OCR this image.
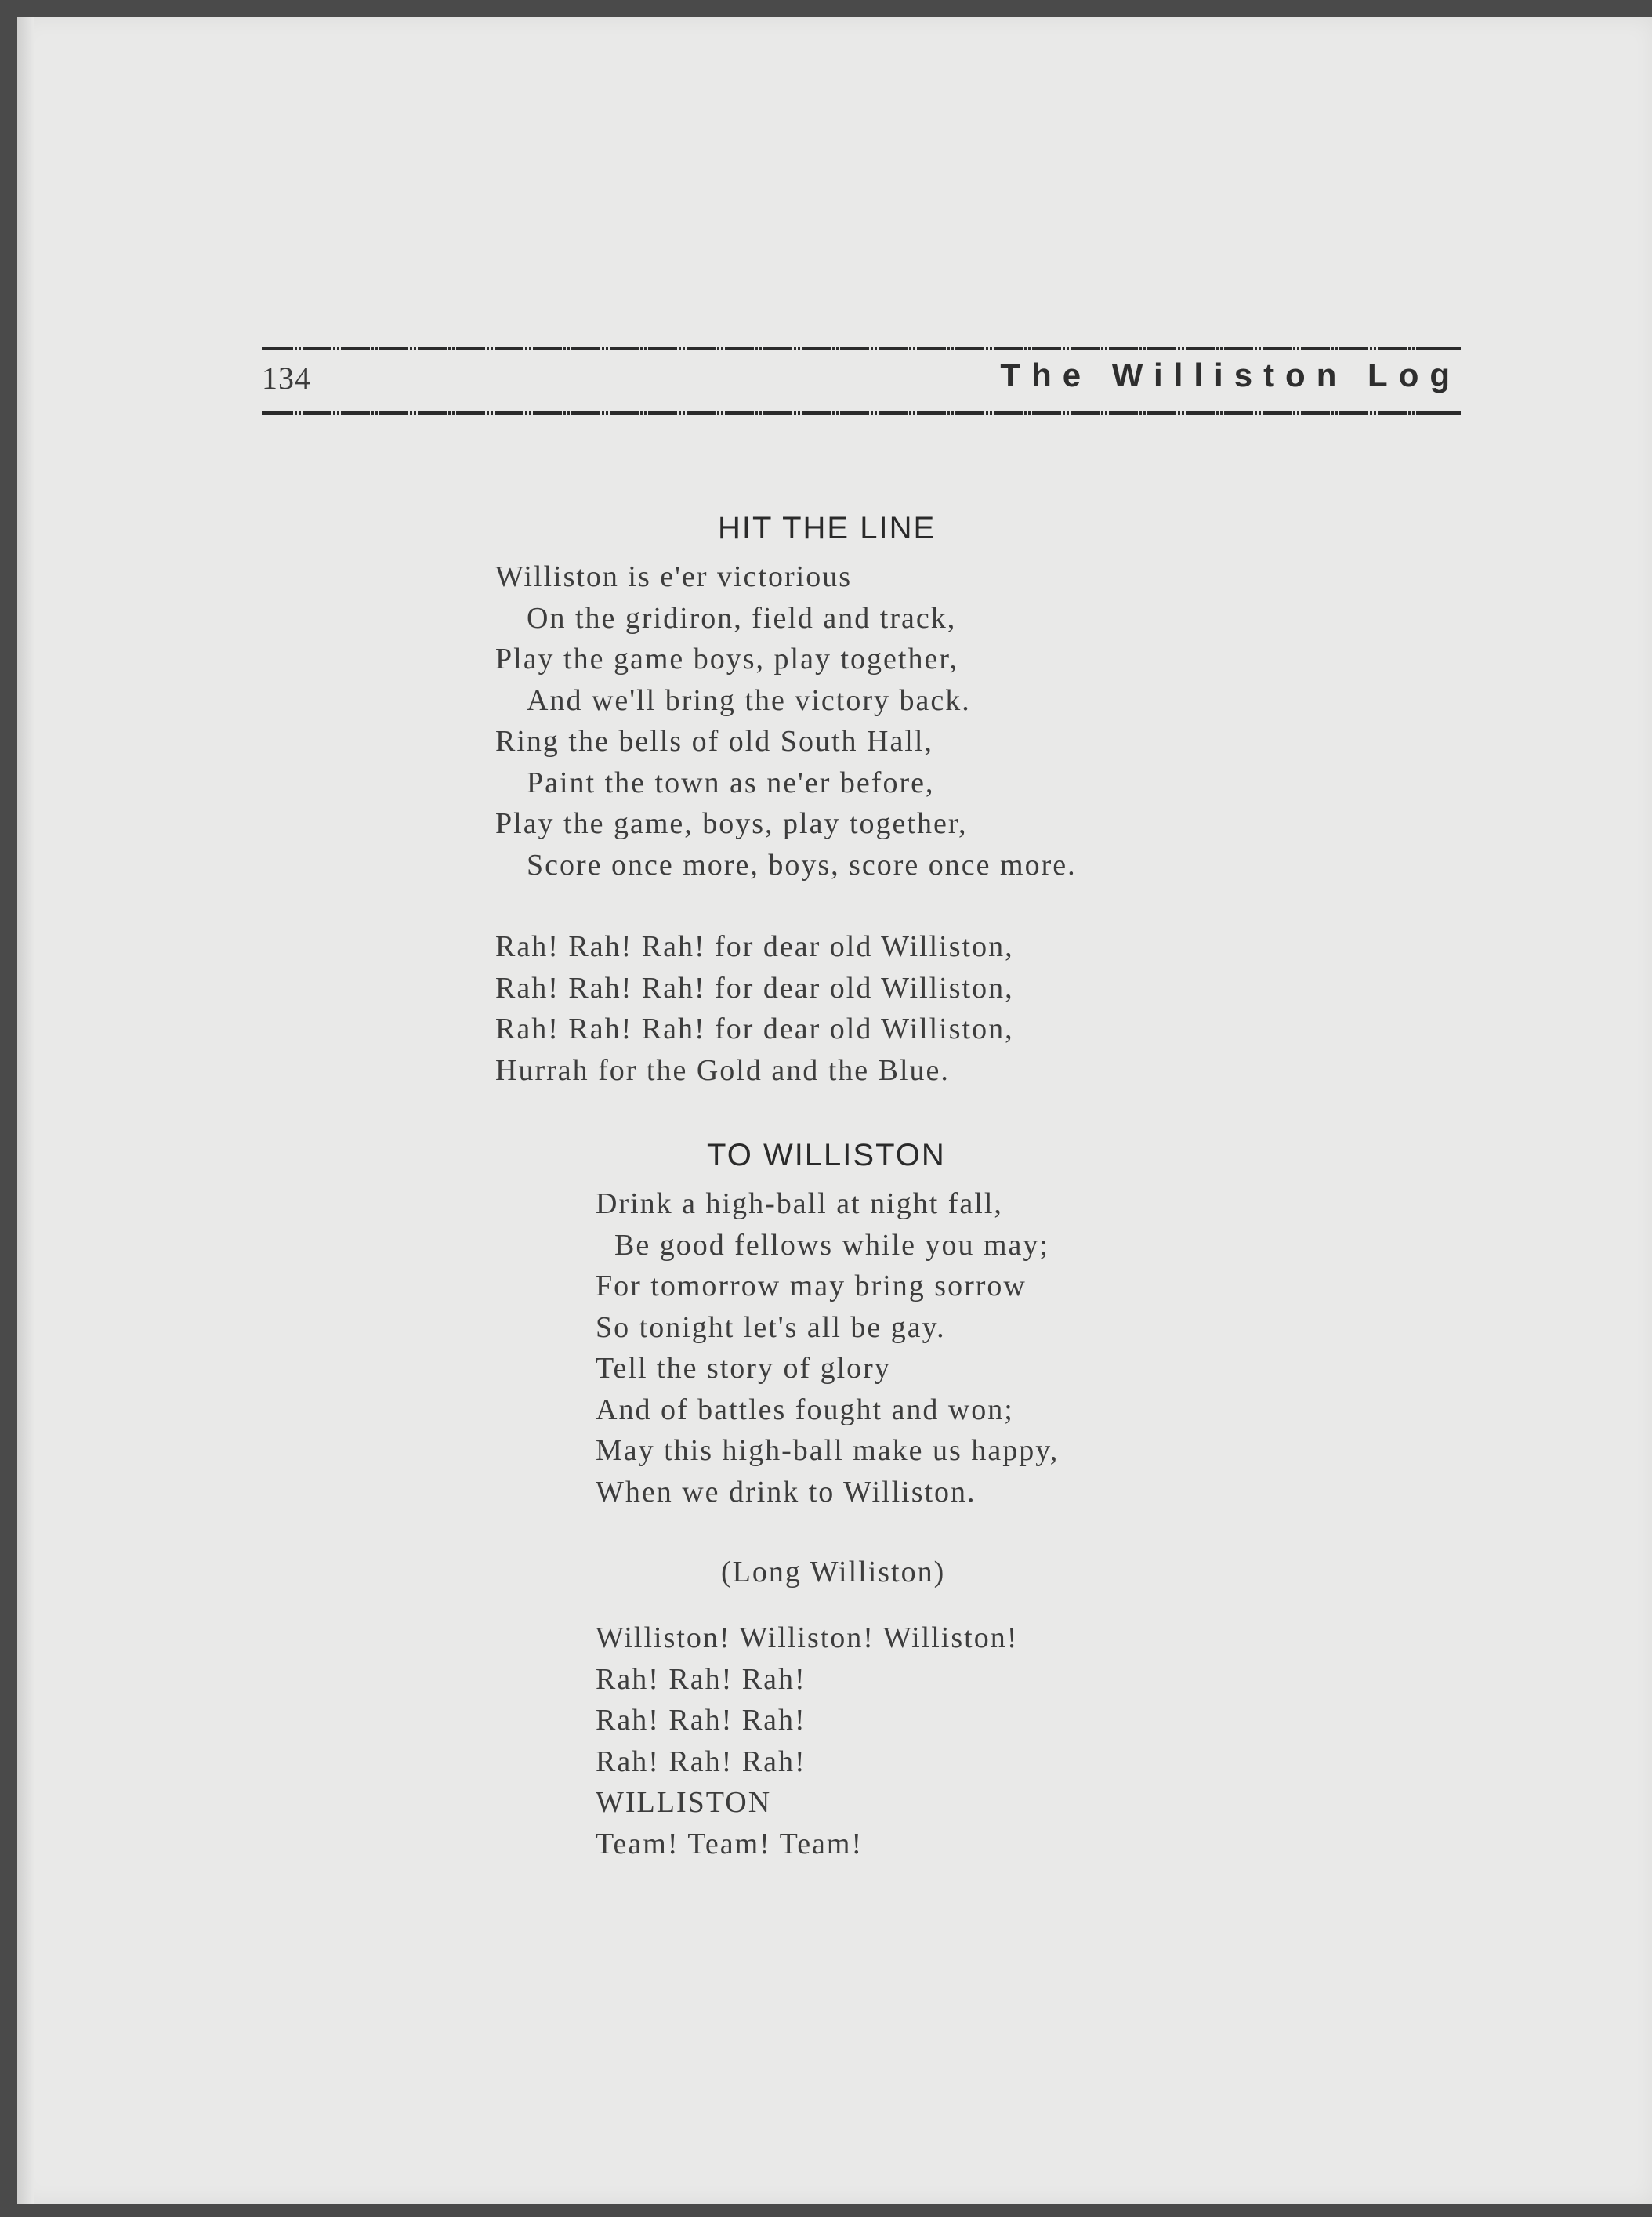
134	The Williston Log
HIT THE LINE
Williston is e'er victorious
On the gridiron, field and track,
Play the game boys, play together,
And we'll bring the victory back.
Ring the bells of old South Hall,
Paint the town as ne'er before,
Play the game, boys, play together,
Score once more, boys, score once more.
Rah! Rah! Rah! for dear old Williston,
Rah! Rah! Rah! for dear old Williston,
Rah! Rah! Rah! for dear old Williston,
Hurrah for the Gold and the Blue.
TO WILLISTON
Drink a high-ball at night fall,
Be good fellows while you may;
For tomorrow may bring sorrow
So tonight let's all be gay.
Tell the story of glory
And of battles fought and won;
May this high-ball make us happy,
When we drink to Williston.

(Long Williston)

Williston! Williston! Williston!
Rah! Rah! Rah!
Rah! Rah! Rah!
Rah! Rah! Rah!
WILLISTON
Team! Team! Team!
